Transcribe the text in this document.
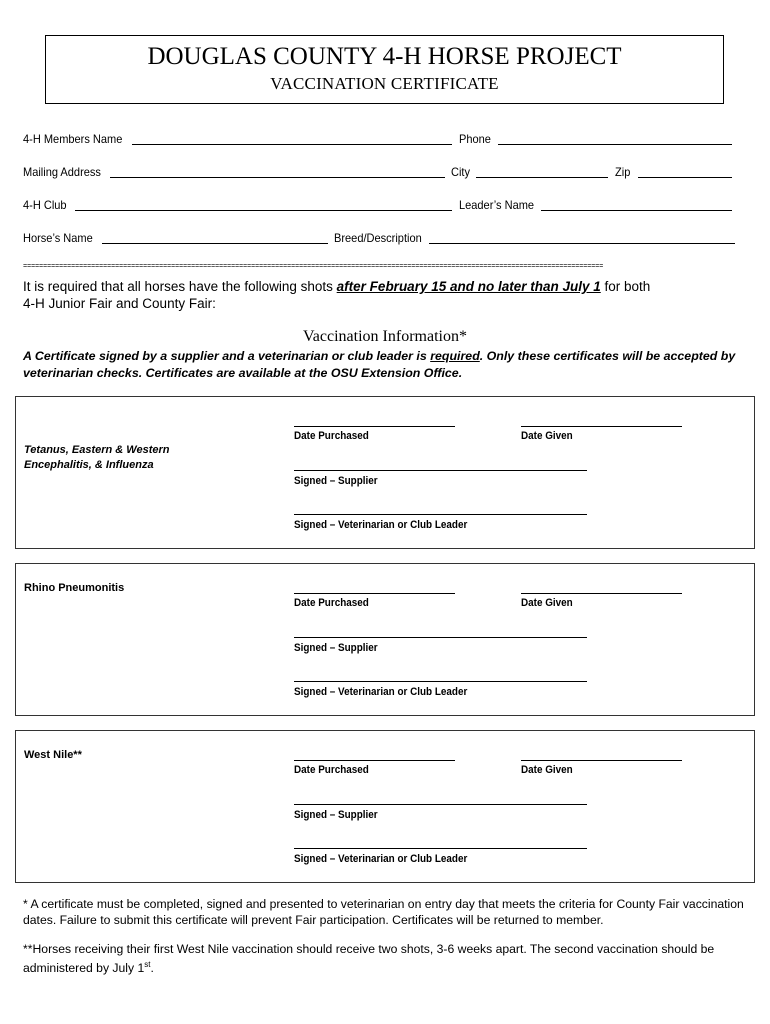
DOUGLAS COUNTY 4-H HORSE PROJECT
VACCINATION CERTIFICATE
4-H Members Name	Phone
Mailing Address	City	Zip
4-H Club	Leader’s Name
Horse’s Name	Breed/Description
=================================================================================================================================================
It is required that all horses have the following shots after February 15 and no later than July 1 for both
4-H Junior Fair and County Fair:
Vaccination Information*
A Certificate signed by a supplier and a veterinarian or club leader is required. Only these certificates will be accepted by veterinarian checks. Certificates are available at the OSU Extension Office.
Tetanus, Eastern & Western
Encephalitis, & Influenza
Date Purchased	Date Given
Signed – Supplier
Signed – Veterinarian or Club Leader
Rhino Pneumonitis
Date Purchased	Date Given
Signed – Supplier
Signed – Veterinarian or Club Leader
West Nile**
Date Purchased	Date Given
Signed – Supplier
Signed – Veterinarian or Club Leader
* A certificate must be completed, signed and presented to veterinarian on entry day that meets the criteria for County Fair vaccination dates. Failure to submit this certificate will prevent Fair participation. Certificates will be returned to member.
**Horses receiving their first West Nile vaccination should receive two shots, 3-6 weeks apart. The second vaccination should be administered by July 1st.
